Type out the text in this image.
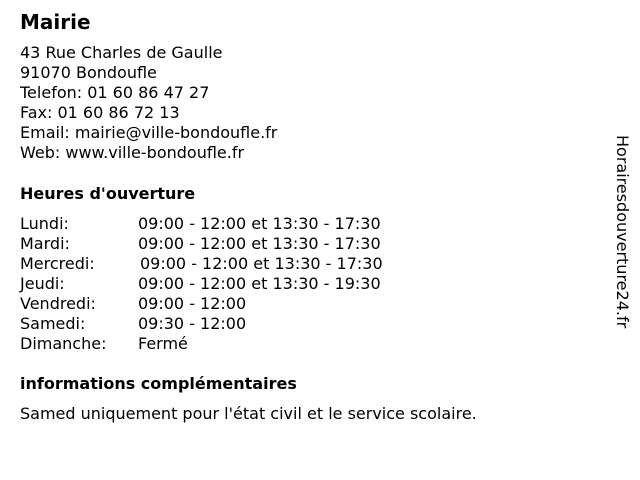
Mairie
43 Rue Charles de Gaulle
91070 Bondoufle
Telefon: 01 60 86 47 27
Fax: 01 60 86 72 13
Email: mairie@ville-bondoufle.fr
Web: www.ville-bondoufle.fr
Heures d'ouverture
Lundi:	09:00 - 12:00 et 13:30 - 17:30
Mardi:	09:00 - 12:00 et 13:30 - 17:30
Mercredi:	09:00 - 12:00 et 13:30 - 17:30
Jeudi:	09:00 - 12:00 et 13:30 - 19:30
Vendredi:	09:00 - 12:00
Samedi:	09:30 - 12:00
Dimanche: Fermé
informations complémentaires
Samed uniquement pour l'état civil et le service scolaire.
Horairesdouverture24.fr
